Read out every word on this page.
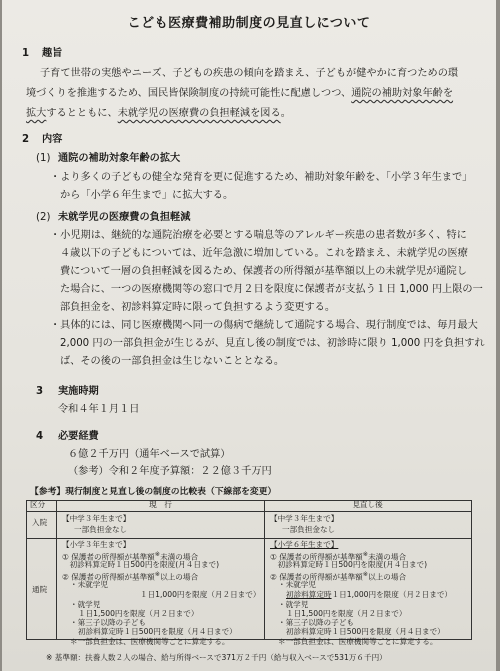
こども医療費補助制度の見直しについて
1 趣旨
子育て世帯の実態やニーズ、子どもの疾患の傾向を踏まえ、子どもが健やかに育つための環
境づくりを推進するため、国民皆保険制度の持続可能性に配慮しつつ、通院の補助対象年齢を
拡大するとともに、未就学児の医療費の負担軽減を図る。
2 内容
(1) 通院の補助対象年齢の拡大
・より多くの子どもの健全な発育を更に促進するため、補助対象年齢を、「小学３年生まで」
から「小学６年生まで」に拡大する。
(2) 未就学児の医療費の負担軽減
・小児期は、継続的な通院治療を必要とする喘息等のアレルギー疾患の患者数が多く、特に
４歳以下の子どもについては、近年急激に増加している。これを踏まえ、未就学児の医療
費について一層の負担軽減を図るため、保護者の所得額が基準額以上の未就学児が通院し
た場合に、一つの医療機関等の窓口で月２日を限度に保護者が支払う１日 1,000 円上限の一
部負担金を、初診料算定時に限って負担するよう変更する。
・具体的には、同じ医療機関へ同一の傷病で継続して通院する場合、現行制度では、毎月最大
2,000 円の一部負担金が生じるが、見直し後の制度では、初診時に限り 1,000 円を負担すれ
ば、その後の一部負担金は生じないこととなる。
3 実施時期
令和４年１月１日
4 必要経費
６億２千万円（通年ベースで試算）
（参考）令和２年度予算額：２２億３千万円
【参考】現行制度と見直し後の制度の比較表（下線部を変更）
区分	現　行	見直し後
入院 【中学３年生まで】
一部負担金なし
【中学３年生まで】
一部負担金なし
通院
【小学３年生まで】
① 保護者の所得額が基準額※未満の場合
　初診料算定時１日500円を限度(月４日まで)
② 保護者の所得額が基準額※以上の場合
・未就学児
１日1,000円を限度（月２日まで）
・就学児
１日1,500円を限度（月２日まで）
・第三子以降の子ども
初診料算定時１日500円を限度（月４日まで）
＊一部負担金は、医療機関等ごとに算定する。
【小学６年生まで】
① 保護者の所得額が基準額※未満の場合
　初診料算定時１日500円を限度(月４日まで)
② 保護者の所得額が基準額※以上の場合
・未就学児
初診料算定時１日1,000円を限度（月２日まで）
・就学児
１日1,500円を限度（月２日まで）
・第三子以降の子ども
初診料算定時１日500円を限度（月４日まで）
＊一部負担金は、医療機関等ごとに算定する。
※ 基準額：扶養人数２人の場合、給与所得ベースで371万２千円（給与収入ベースで531万６千円）
